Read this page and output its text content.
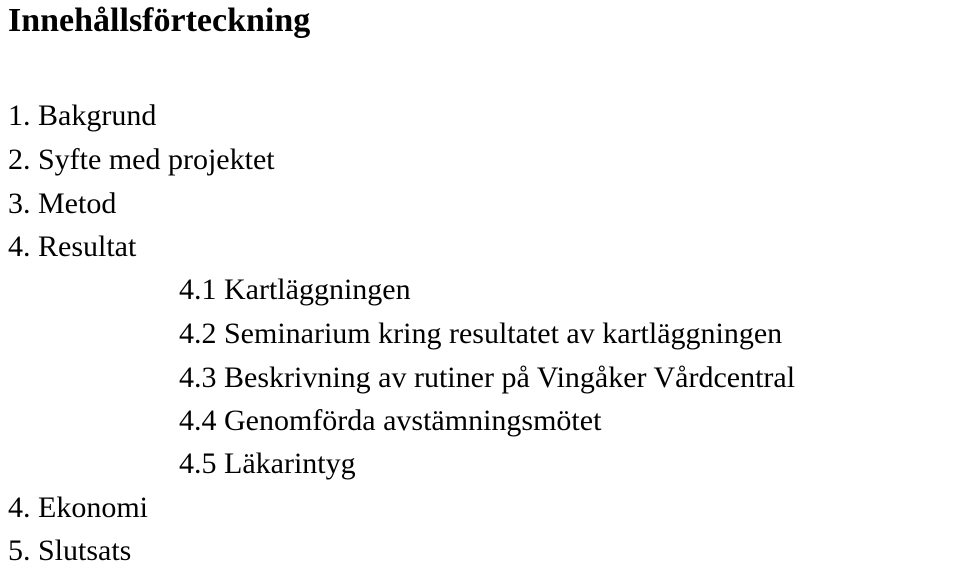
Innehållsförteckning
1. Bakgrund
2. Syfte med projektet
3. Metod
4. Resultat
4.1 Kartläggningen
4.2 Seminarium kring resultatet av kartläggningen
4.3 Beskrivning av rutiner på Vingåker Vårdcentral
4.4 Genomförda avstämningsmötet
4.5 Läkarintyg
4. Ekonomi
5. Slutsats
